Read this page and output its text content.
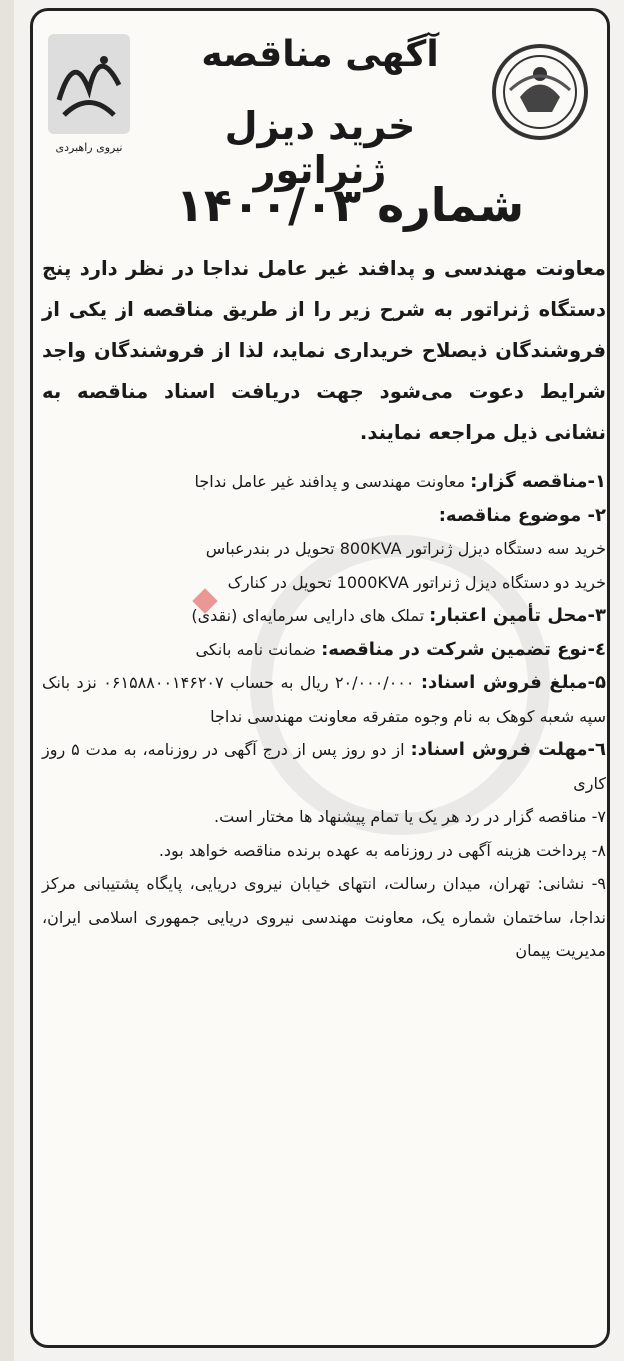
نیروی راهبردی
آگهی مناقصه
خرید دیزل ژنراتور
شماره ۱۴۰۰/۰۳

معاونت مهندسی و پدافند غیر عامل نداجا در نظر دارد پنج دستگاه ژنراتور به شرح زیر را از طریق مناقصه از یکی از فروشندگان ذیصلاح خریداری نماید، لذا از فروشندگان واجد شرایط دعوت می‌شود جهت دریافت اسناد مناقصه به نشانی ذیل مراجعه نمایند.

۱-مناقصه گزار: معاونت مهندسی و پدافند غیر عامل نداجا

۲- موضوع مناقصه:

خرید سه دستگاه دیزل ژنراتور 800KVA تحویل در بندرعباس

خرید دو دستگاه دیزل ژنراتور 1000KVA تحویل در کنارک

۳-محل تأمین اعتبار: تملک های دارایی سرمایه‌ای (نقدی)

٤-نوع تضمین شرکت در مناقصه: ضمانت نامه بانکی

۵-مبلغ فروش اسناد: ۲۰/۰۰۰/۰۰۰ ریال به حساب ۰۶۱۵۸۸۰۰۱۴۶۲۰۷ نزد بانک سپه شعبه کوهک به نام وجوه متفرقه معاونت مهندسی نداجا

٦-مهلت فروش اسناد: از دو روز پس از درج آگهی در روزنامه، به مدت ۵ روز کاری

۷- مناقصه گزار در رد هر یک یا تمام پیشنهاد ها مختار است.

۸- پرداخت هزینه آگهی در روزنامه به عهده برنده مناقصه خواهد بود.

۹- نشانی: تهران، میدان رسالت، انتهای خیابان نیروی دریایی، پایگاه پشتیبانی مرکز نداجا، ساختمان شماره یک، معاونت مهندسی نیروی دریایی جمهوری اسلامی ایران، مدیریت پیمان
